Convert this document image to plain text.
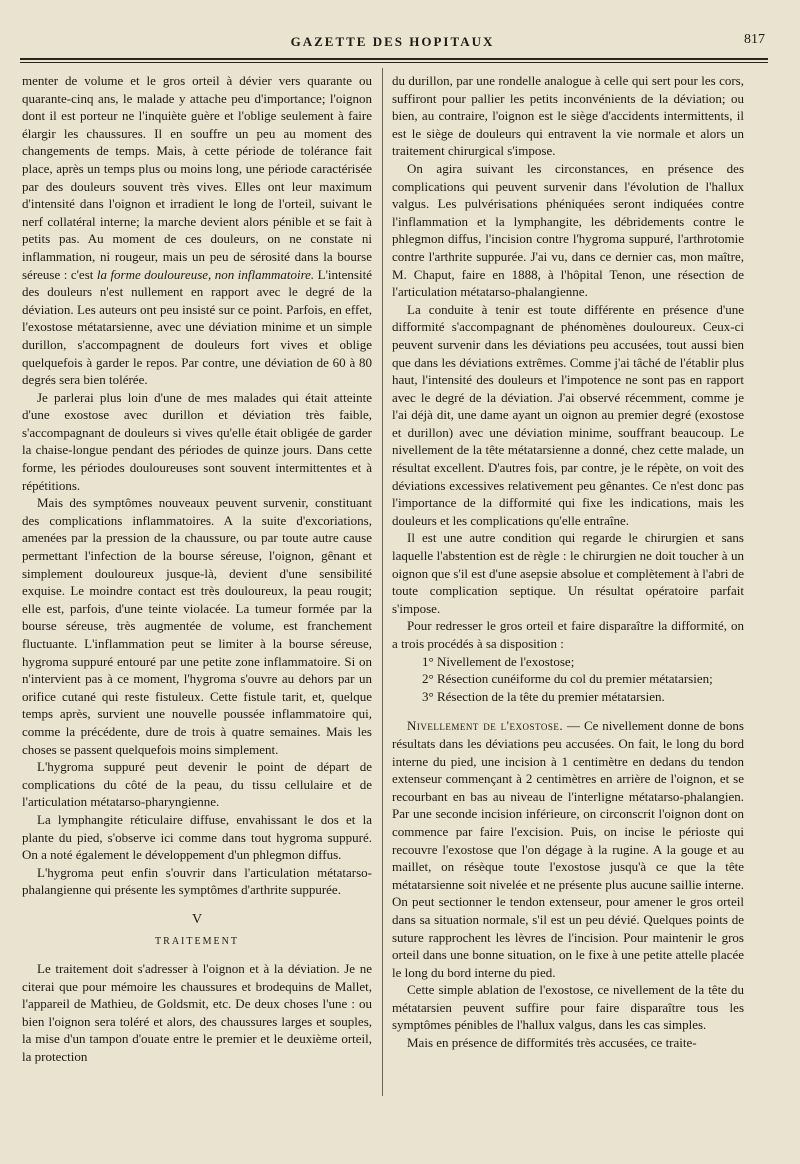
GAZETTE DES HOPITAUX	817

menter de volume et le gros orteil à dévier vers quarante ou quarante-cinq ans, le malade y attache peu d'importance; l'oignon dont il est porteur ne l'inquiète guère et l'oblige seulement à faire élargir les chaussures. Il en souffre un peu au moment des changements de temps. Mais, à cette période de tolérance fait place, après un temps plus ou moins long, une période caractérisée par des douleurs souvent très vives. Elles ont leur maximum d'intensité dans l'oignon et irradient le long de l'orteil, suivant le nerf collatéral interne; la marche devient alors pénible et se fait à petits pas. Au moment de ces douleurs, on ne constate ni inflammation, ni rougeur, mais un peu de sérosité dans la bourse séreuse : c'est la forme douloureuse, non inflammatoire. L'intensité des douleurs n'est nullement en rapport avec le degré de la déviation. Les auteurs ont peu insisté sur ce point. Parfois, en effet, l'exostose métatarsienne, avec une déviation minime et un simple durillon, s'accompagnent de douleurs fort vives et oblige quelquefois à garder le repos. Par contre, une déviation de 60 à 80 degrés sera bien tolérée.

Je parlerai plus loin d'une de mes malades qui était atteinte d'une exostose avec durillon et déviation très faible, s'accompagnant de douleurs si vives qu'elle était obligée de garder la chaise-longue pendant des périodes de quinze jours. Dans cette forme, les périodes douloureuses sont souvent intermittentes et à répétitions.

Mais des symptômes nouveaux peuvent survenir, constituant des complications inflammatoires. A la suite d'excoriations, amenées par la pression de la chaussure, ou par toute autre cause permettant l'infection de la bourse séreuse, l'oignon, gênant et simplement douloureux jusque-là, devient d'une sensibilité exquise. Le moindre contact est très douloureux, la peau rougit; elle est, parfois, d'une teinte violacée. La tumeur formée par la bourse séreuse, très augmentée de volume, est franchement fluctuante. L'inflammation peut se limiter à la bourse séreuse, hygroma suppuré entouré par une petite zone inflammatoire. Si on n'intervient pas à ce moment, l'hygroma s'ouvre au dehors par un orifice cutané qui reste fistuleux. Cette fistule tarit, et, quelque temps après, survient une nouvelle poussée inflammatoire qui, comme la précédente, dure de trois à quatre semaines. Mais les choses se passent quelquefois moins simplement.

L'hygroma suppuré peut devenir le point de départ de complications du côté de la peau, du tissu cellulaire et de l'articulation métatarso-pharyngienne.

La lymphangite réticulaire diffuse, envahissant le dos et la plante du pied, s'observe ici comme dans tout hygroma suppuré. On a noté également le développement d'un phlegmon diffus.

L'hygroma peut enfin s'ouvrir dans l'articulation métatarso-phalangienne qui présente les symptômes d'arthrite suppurée.

V
TRAITEMENT

Le traitement doit s'adresser à l'oignon et à la déviation. Je ne citerai que pour mémoire les chaussures et brodequins de Mallet, l'appareil de Mathieu, de Goldsmit, etc. De deux choses l'une : ou bien l'oignon sera toléré et alors, des chaussures larges et souples, la mise d'un tampon d'ouate entre le premier et le deuxième orteil, la protection

du durillon, par une rondelle analogue à celle qui sert pour les cors, suffiront pour pallier les petits inconvénients de la déviation; ou bien, au contraire, l'oignon est le siège d'accidents intermittents, il est le siège de douleurs qui entravent la vie normale et alors un traitement chirurgical s'impose.

On agira suivant les circonstances, en présence des complications qui peuvent survenir dans l'évolution de l'hallux valgus. Les pulvérisations phéniquées seront indiquées contre l'inflammation et la lymphangite, les débridements contre le phlegmon diffus, l'incision contre l'hygroma suppuré, l'arthrotomie contre l'arthrite suppurée. J'ai vu, dans ce dernier cas, mon maître, M. Chaput, faire en 1888, à l'hôpital Tenon, une résection de l'articulation métatarso-phalangienne.

La conduite à tenir est toute différente en présence d'une difformité s'accompagnant de phénomènes douloureux. Ceux-ci peuvent survenir dans les déviations peu accusées, tout aussi bien que dans les déviations extrêmes. Comme j'ai tâché de l'établir plus haut, l'intensité des douleurs et l'impotence ne sont pas en rapport avec le degré de la déviation. J'ai observé récemment, comme je l'ai déjà dit, une dame ayant un oignon au premier degré (exostose et durillon) avec une déviation minime, souffrant beaucoup. Le nivellement de la tête métatarsienne a donné, chez cette malade, un résultat excellent. D'autres fois, par contre, je le répète, on voit des déviations excessives relativement peu gênantes. Ce n'est donc pas l'importance de la difformité qui fixe les indications, mais les douleurs et les complications qu'elle entraîne.

Il est une autre condition qui regarde le chirurgien et sans laquelle l'abstention est de règle : le chirurgien ne doit toucher à un oignon que s'il est d'une asepsie absolue et complètement à l'abri de toute complication septique. Un résultat opératoire parfait s'impose.

Pour redresser le gros orteil et faire disparaître la difformité, on a trois procédés à sa disposition :

1° Nivellement de l'exostose;

2° Résection cunéiforme du col du premier métatarsien;

3° Résection de la tête du premier métatarsien.

Nivellement de l'exostose. — Ce nivellement donne de bons résultats dans les déviations peu accusées. On fait, le long du bord interne du pied, une incision à 1 centimètre en dedans du tendon extenseur commençant à 2 centimètres en arrière de l'oignon, et se recourbant en bas au niveau de l'interligne métatarso-phalangien. Par une seconde incision inférieure, on circonscrit l'oignon dont on commence par faire l'excision. Puis, on incise le périoste qui recouvre l'exostose que l'on dégage à la rugine. A la gouge et au maillet, on résèque toute l'exostose jusqu'à ce que la tête métatarsienne soit nivelée et ne présente plus aucune saillie interne. On peut sectionner le tendon extenseur, pour amener le gros orteil dans sa situation normale, s'il est un peu dévié. Quelques points de suture rapprochent les lèvres de l'incision. Pour maintenir le gros orteil dans une bonne situation, on le fixe à une petite attelle placée le long du bord interne du pied.

Cette simple ablation de l'exostose, ce nivellement de la tête du métatarsien peuvent suffire pour faire disparaître tous les symptômes pénibles de l'hallux valgus, dans les cas simples.

Mais en présence de difformités très accusées, ce traite-
